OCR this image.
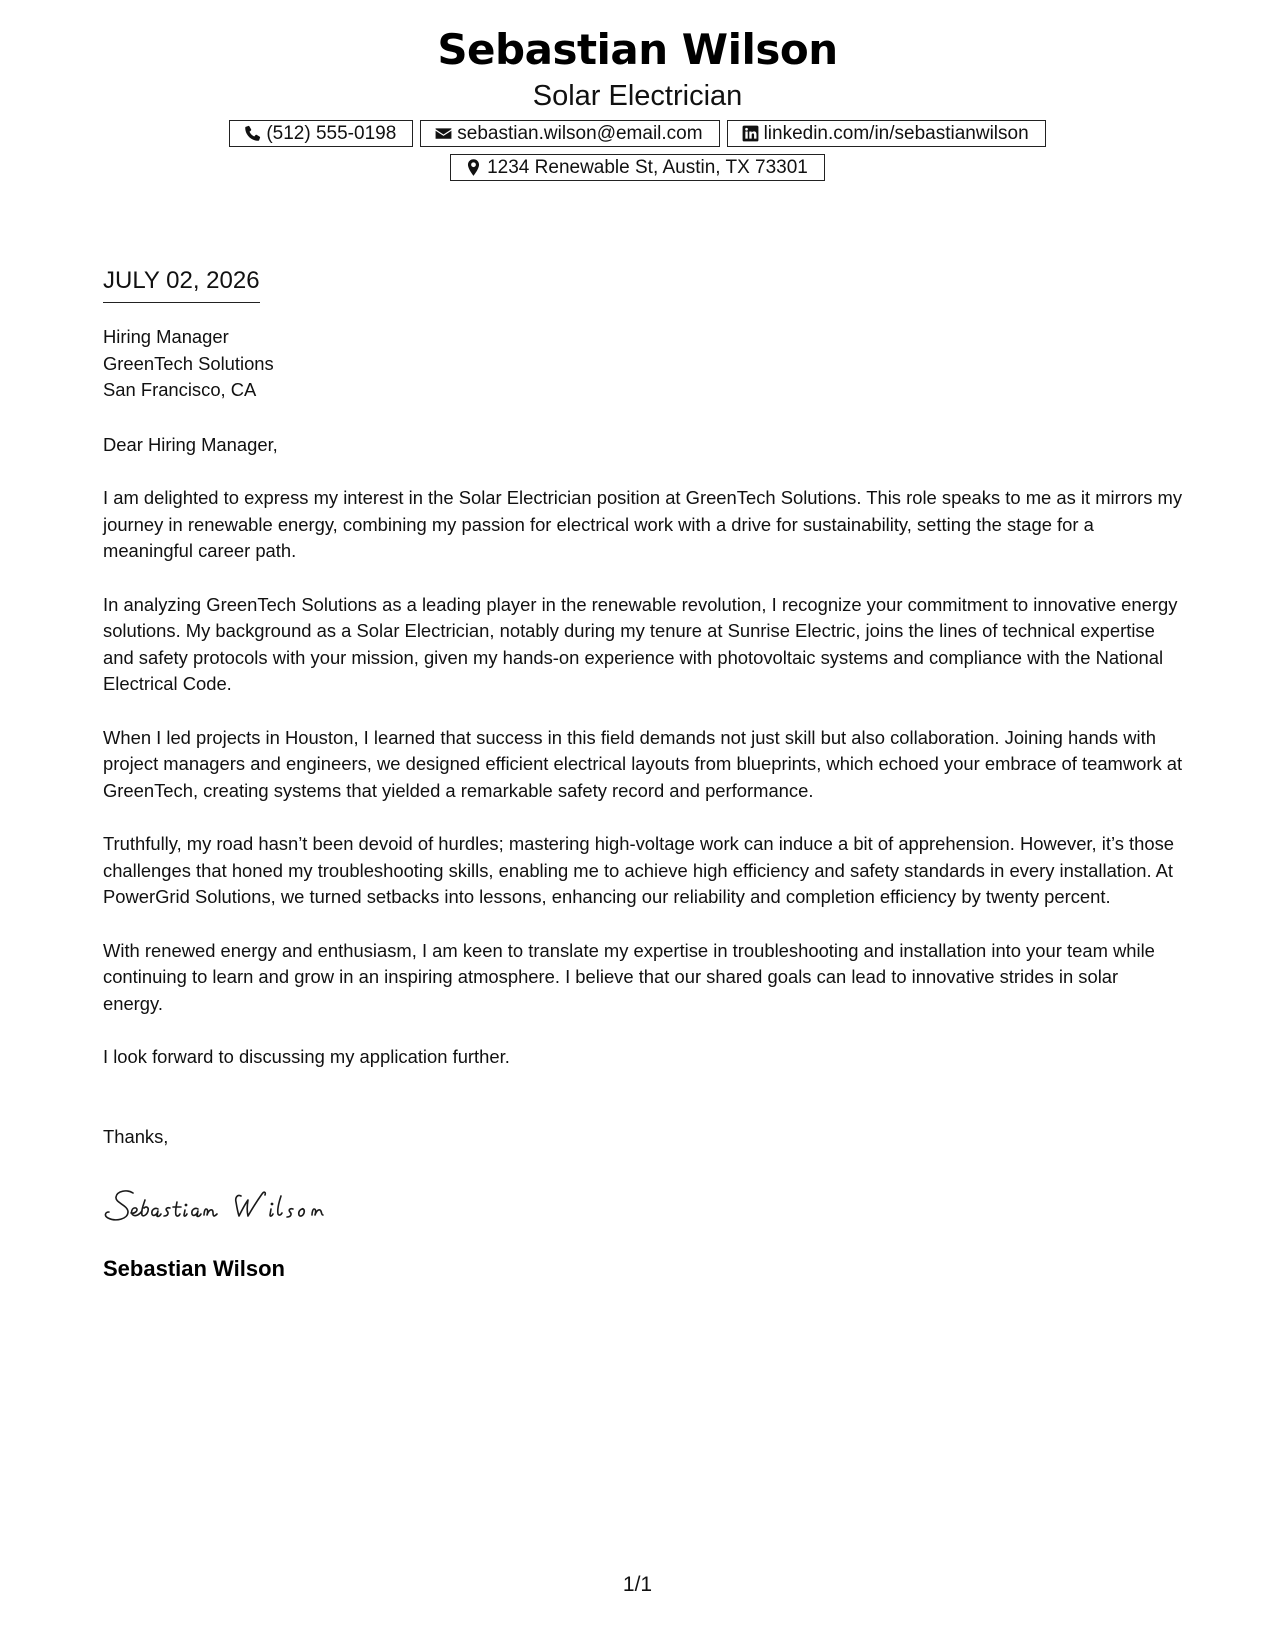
Sebastian Wilson
Solar Electrician
(512) 555-0198	sebastian.wilson@email.com	linkedin.com/in/sebastianwilson
1234 Renewable St, Austin, TX 73301
JULY 02, 2026
Hiring Manager
GreenTech Solutions
San Francisco, CA
Dear Hiring Manager,

I am delighted to express my interest in the Solar Electrician position at GreenTech Solutions. This role speaks to me as it mirrors my journey in renewable energy, combining my passion for electrical work with a drive for sustainability, setting the stage for a meaningful career path.

In analyzing GreenTech Solutions as a leading player in the renewable revolution, I recognize your commitment to innovative energy solutions. My background as a Solar Electrician, notably during my tenure at Sunrise Electric, joins the lines of technical expertise and safety protocols with your mission, given my hands-on experience with photovoltaic systems and compliance with the National Electrical Code.

When I led projects in Houston, I learned that success in this field demands not just skill but also collaboration. Joining hands with project managers and engineers, we designed efficient electrical layouts from blueprints, which echoed your embrace of teamwork at GreenTech, creating systems that yielded a remarkable safety record and performance.

Truthfully, my road hasn’t been devoid of hurdles; mastering high-voltage work can induce a bit of apprehension. However, it’s those challenges that honed my troubleshooting skills, enabling me to achieve high efficiency and safety standards in every installation. At PowerGrid Solutions, we turned setbacks into lessons, enhancing our reliability and completion efficiency by twenty percent.

With renewed energy and enthusiasm, I am keen to translate my expertise in troubleshooting and installation into your team while continuing to learn and grow in an inspiring atmosphere. I believe that our shared goals can lead to innovative strides in solar energy.

I look forward to discussing my application further.

Thanks,
Sebastian Wilson
1/1
